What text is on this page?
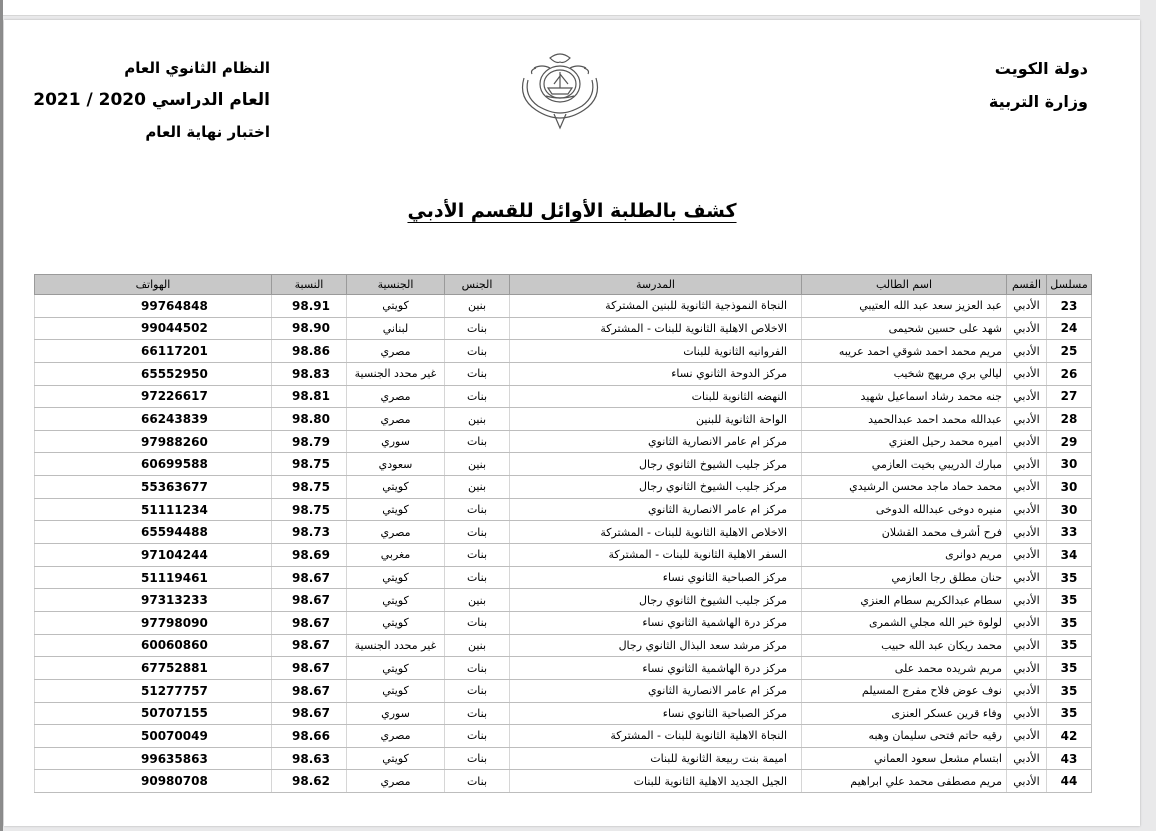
دولة الكويت
وزارة التربية
النظام الثانوي العام
العام الدراسي 2020 / 2021
اختبار نهاية العام
كشف بالطلبة الأوائل للقسم الأدبي
مسلسل	القسم	اسم الطالب	المدرسة	الجنس	الجنسية	النسبة	الهواتف
23	الأدبي	عبد العزيز سعد عبد الله العتيبي	النجاة النموذجية الثانوية للبنين المشتركة	بنين	كويتي	98.91	99764848
24	الأدبي	شهد على حسين شحيمى	الاخلاص الاهلية الثانوية للبنات - المشتركة	بنات	لبناني	98.90	99044502
25	الأدبي	مريم محمد احمد شوقي احمد عريبه	الفروانيه الثانوية للبنات	بنات	مصري	98.86	66117201
26	الأدبي	ليالي بري مريهج شخيب	مركز الدوحة الثانوي نساء	بنات	غير محدد الجنسية	98.83	65552950
27	الأدبي	جنه محمد رشاد اسماعيل شهيد	النهضه الثانوية للبنات	بنات	مصري	98.81	97226617
28	الأدبي	عبدالله محمد احمد عبدالحميد	الواحة الثانوية للبنين	بنين	مصري	98.80	66243839
29	الأدبي	اميره محمد رحيل العنزي	مركز ام عامر الانصارية الثانوي	بنات	سوري	98.79	97988260
30	الأدبي	مبارك الدريبي بخيت العازمي	مركز جليب الشيوخ الثانوي رجال	بنين	سعودي	98.75	60699588
30	الأدبي	محمد حماد ماجد محسن الرشيدي	مركز جليب الشيوخ الثانوي رجال	بنين	كويتي	98.75	55363677
30	الأدبي	منيره دوخى عبدالله الدوخى	مركز ام عامر الانصارية الثانوي	بنات	كويتي	98.75	51111234
33	الأدبي	فرح أشرف محمد القشلان	الاخلاص الاهلية الثانوية للبنات - المشتركة	بنات	مصري	98.73	65594488
34	الأدبي	مريم دوانرى	السفر الاهلية الثانوية للبنات - المشتركة	بنات	مغربي	98.69	97104244
35	الأدبي	حنان مطلق رجا العازمي	مركز الصباحية الثانوي نساء	بنات	كويتي	98.67	51119461
35	الأدبي	سطام عبدالكريم سطام العنزي	مركز جليب الشيوخ الثانوي رجال	بنين	كويتي	98.67	97313233
35	الأدبي	لولوة خير الله مجلي الشمرى	مركز درة الهاشمية الثانوي نساء	بنات	كويتي	98.67	97798090
35	الأدبي	محمد ريكان عبد الله حبيب	مركز مرشد سعد البذال الثانوي رجال	بنين	غير محدد الجنسية	98.67	60060860
35	الأدبي	مريم شريده محمد على	مركز درة الهاشمية الثانوي نساء	بنات	كويتي	98.67	67752881
35	الأدبي	نوف عوض فلاح مفرج المسيلم	مركز ام عامر الانصارية الثانوي	بنات	كويتي	98.67	51277757
35	الأدبي	وفاء قرين عسكر العنزى	مركز الصباحية الثانوي نساء	بنات	سوري	98.67	50707155
42	الأدبي	رقيه حاتم فتحى سليمان وهبه	النجاة الاهلية الثانوية للبنات - المشتركة	بنات	مصري	98.66	50070049
43	الأدبي	ابتسام مشعل سعود العماني	اميمة بنت ربيعة الثانوية للبنات	بنات	كويتي	98.63	99635863
44	الأدبي	مريم مصطفى محمد علي ابراهيم	الجيل الجديد الاهلية الثانوية للبنات	بنات	مصري	98.62	90980708
